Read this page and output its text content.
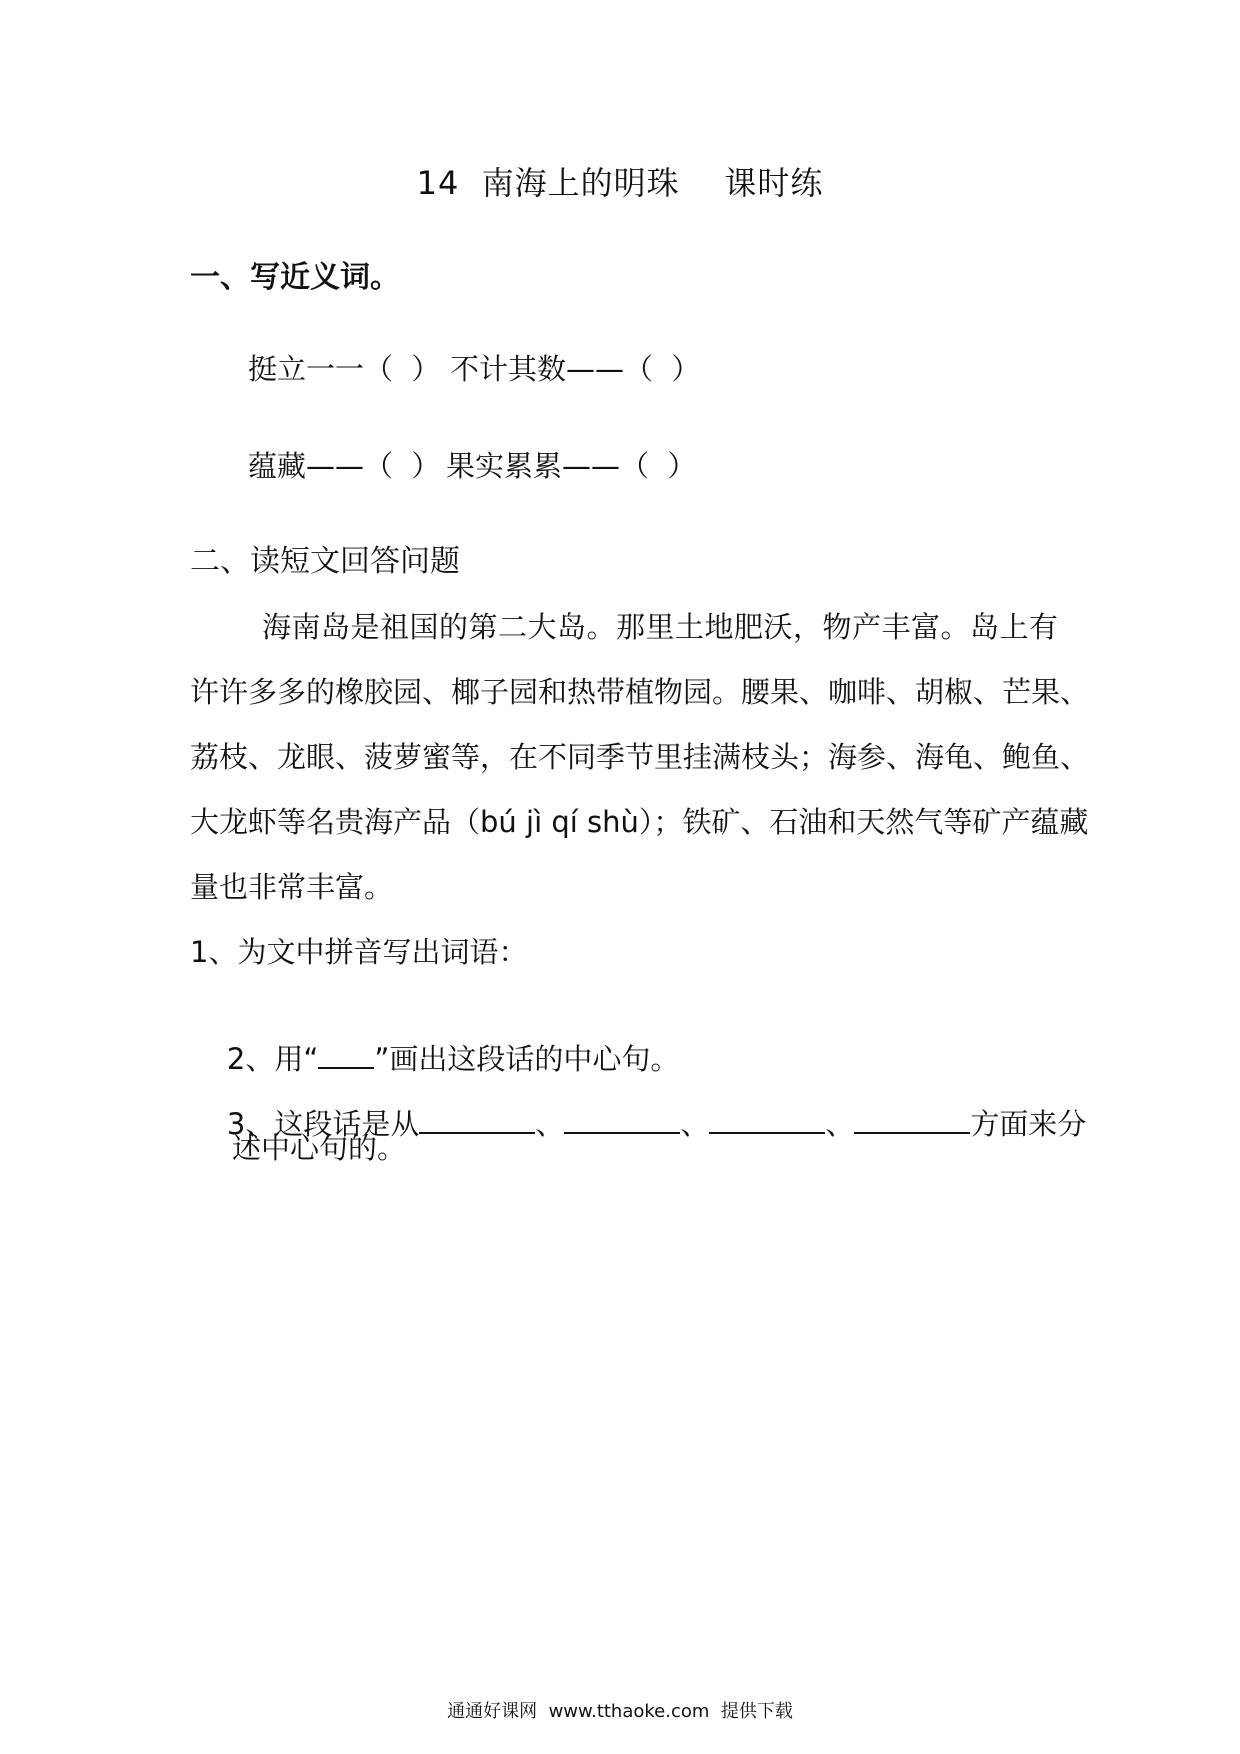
14  南海上的明珠    课时练
一、写近义词。
挺立一一（  ） 不计其数——（  ）
蕴藏——（  ） 果实累累——（  ）
二、读短文回答问题
海南岛是祖国的第二大岛。那里土地肥沃，物产丰富。岛上有
许许多多的橡胶园、椰子园和热带植物园。腰果、咖啡、胡椒、芒果、
荔枝、龙眼、菠萝蜜等，在不同季节里挂满枝头；海参、海龟、鲍鱼、
大龙虾等名贵海产品（bú jì qí shù）；铁矿、石油和天然气等矿产蕴藏
量也非常丰富。
1、为文中拼音写出词语：

2、用“ ”画出这段话的中心句。

3、这段话是从	、	、	、	方面来分

述中心句的。
通通好课网  www.tthaoke.com  提供下载
